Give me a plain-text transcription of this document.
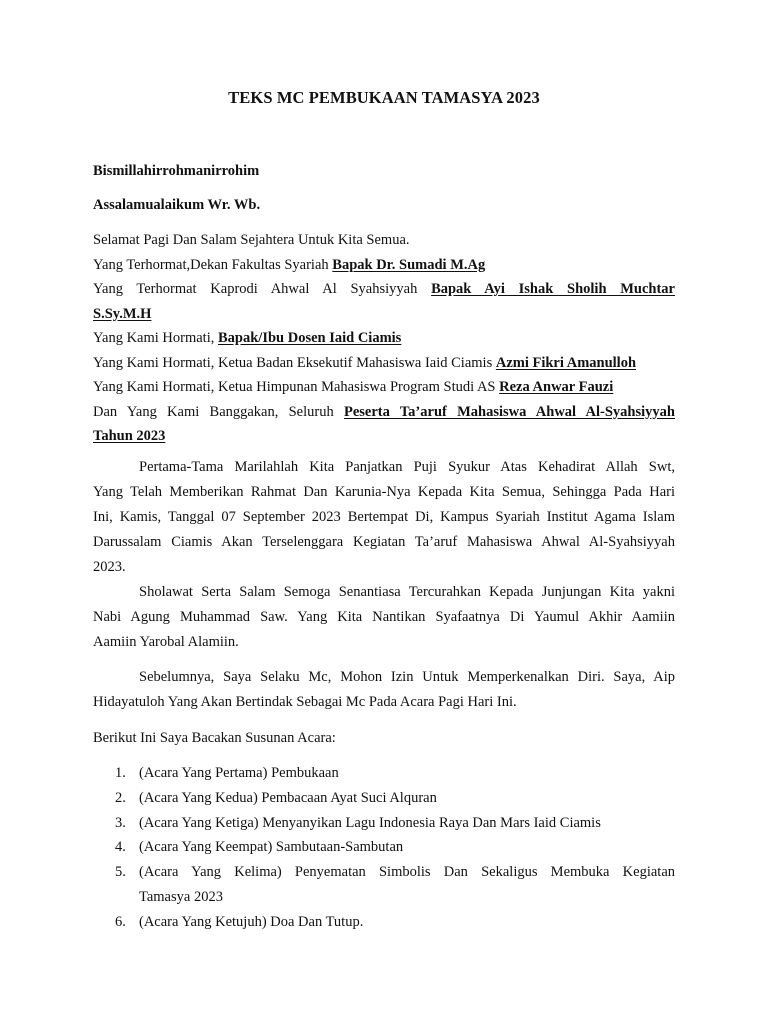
TEKS MC PEMBUKAAN TAMASYA 2023
Bismillahirrohmanirrohim
Assalamualaikum Wr. Wb.
Selamat Pagi Dan Salam Sejahtera Untuk Kita Semua.
Yang Terhormat,Dekan Fakultas Syariah Bapak Dr. Sumadi M.Ag
Yang Terhormat Kaprodi Ahwal Al Syahsiyyah Bapak Ayi Ishak Sholih Muchtar
S.Sy.M.H
Yang Kami Hormati, Bapak/Ibu Dosen Iaid Ciamis
Yang Kami Hormati, Ketua Badan Eksekutif Mahasiswa Iaid Ciamis Azmi Fikri Amanulloh
Yang Kami Hormati, Ketua Himpunan Mahasiswa Program Studi AS Reza Anwar Fauzi
Dan Yang Kami Banggakan, Seluruh Peserta Ta’aruf Mahasiswa Ahwal Al-Syahsiyyah
Tahun 2023
Pertama-Tama Marilahlah Kita Panjatkan Puji Syukur Atas Kehadirat Allah Swt,
Yang Telah Memberikan Rahmat Dan Karunia-Nya Kepada Kita Semua, Sehingga Pada Hari
Ini, Kamis, Tanggal 07 September 2023 Bertempat Di, Kampus Syariah Institut Agama Islam
Darussalam Ciamis Akan Terselenggara Kegiatan Ta’aruf Mahasiswa Ahwal Al-Syahsiyyah
2023.
Sholawat Serta Salam Semoga Senantiasa Tercurahkan Kepada Junjungan Kita yakni
Nabi Agung Muhammad Saw. Yang Kita Nantikan Syafaatnya Di Yaumul Akhir Aamiin
Aamiin Yarobal Alamiin.
Sebelumnya, Saya Selaku Mc, Mohon Izin Untuk Memperkenalkan Diri. Saya, Aip
Hidayatuloh Yang Akan Bertindak Sebagai Mc Pada Acara Pagi Hari Ini.
Berikut Ini Saya Bacakan Susunan Acara:
1. (Acara Yang Pertama) Pembukaan
2. (Acara Yang Kedua) Pembacaan Ayat Suci Alquran
3. (Acara Yang Ketiga) Menyanyikan Lagu Indonesia Raya Dan Mars Iaid Ciamis
4. (Acara Yang Keempat) Sambutaan-Sambutan
5. (Acara Yang Kelima) Penyematan Simbolis Dan Sekaligus Membuka Kegiatan
Tamasya 2023
6. (Acara Yang Ketujuh) Doa Dan Tutup.
